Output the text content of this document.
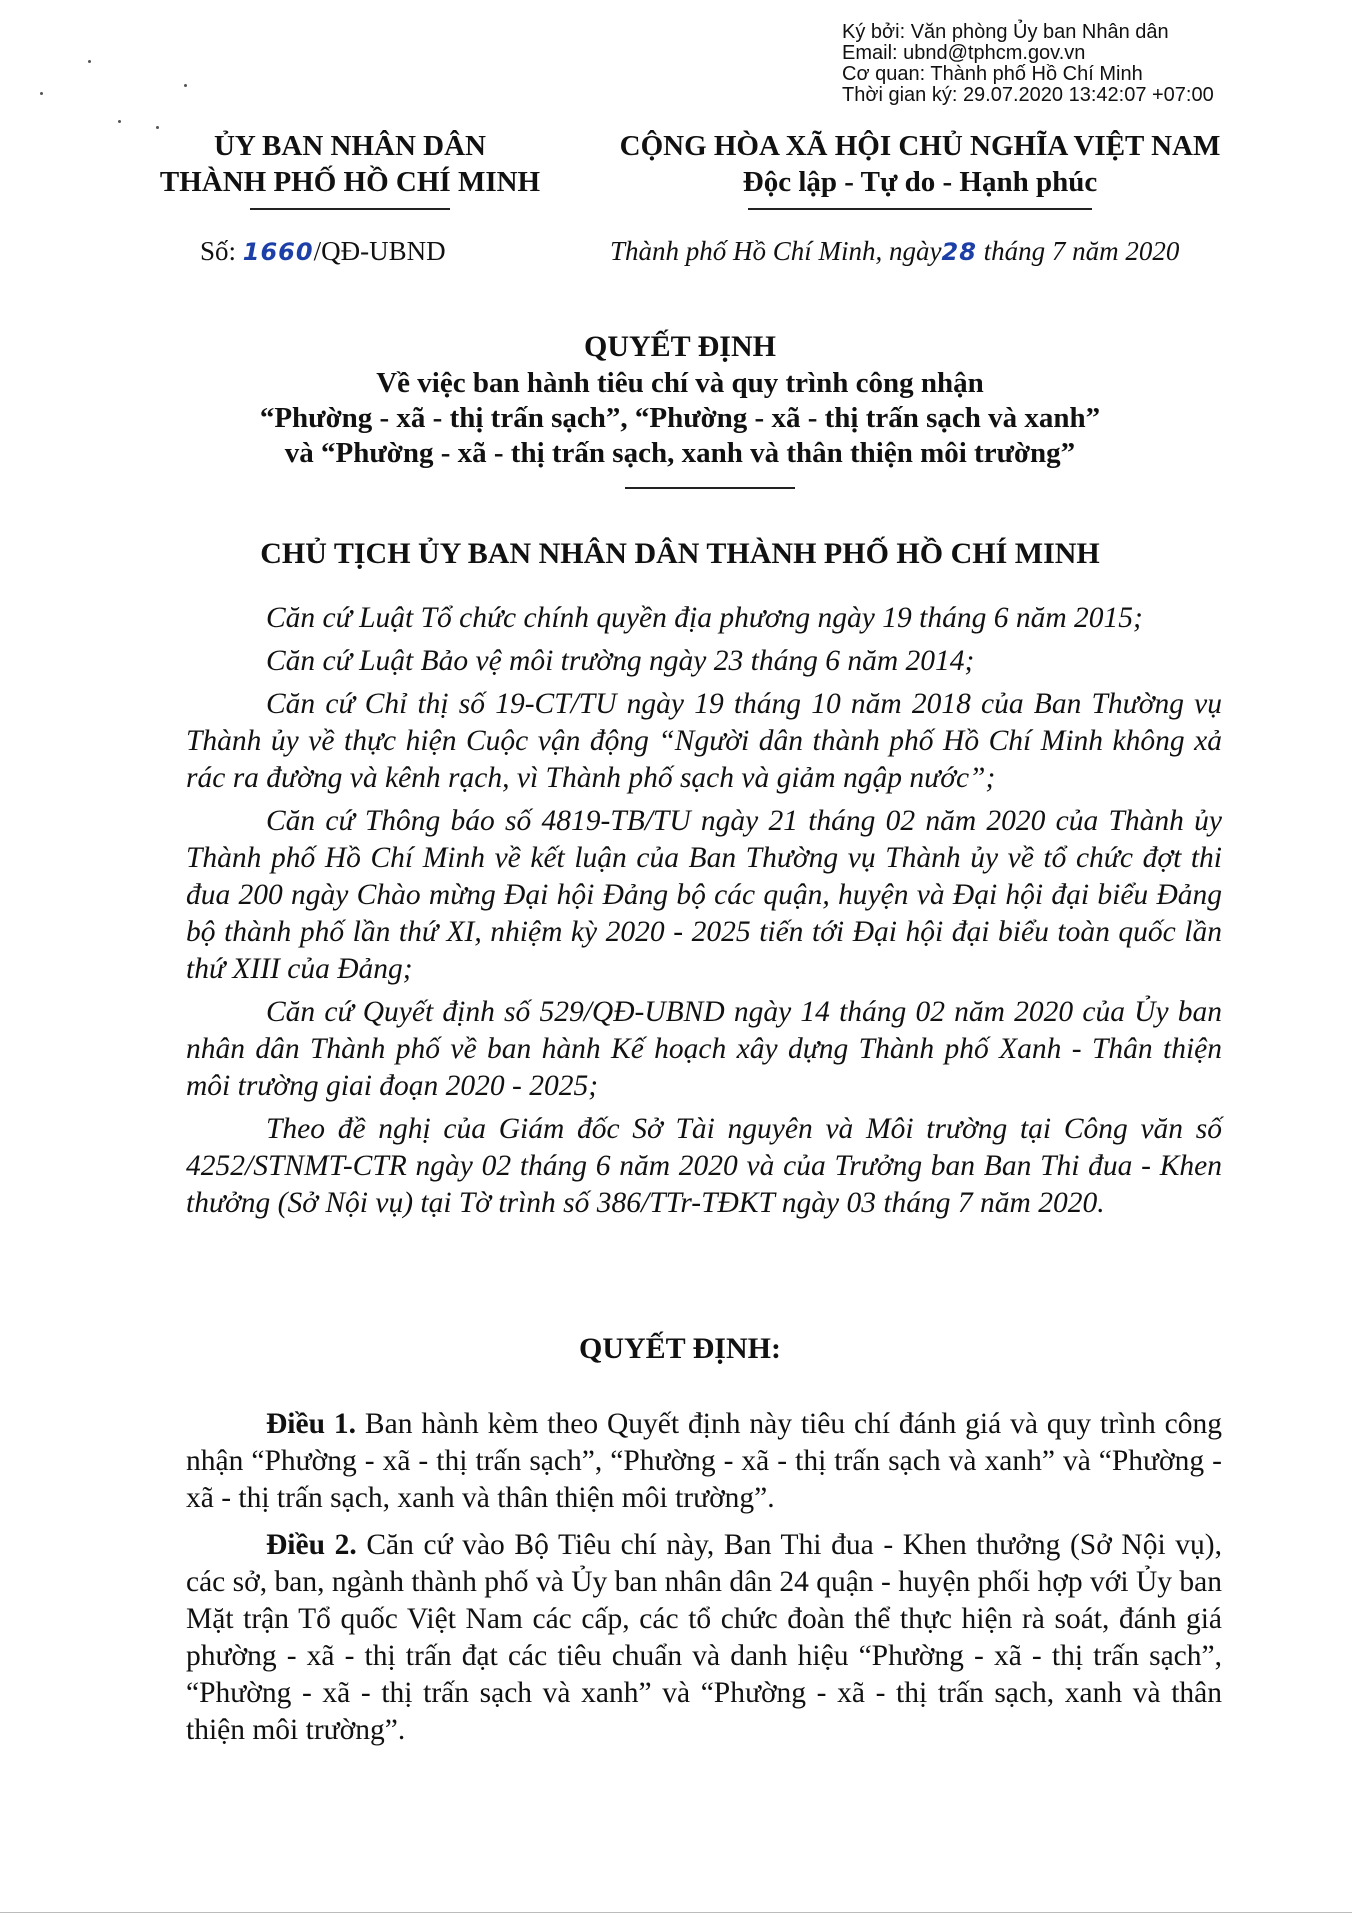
Ký bởi: Văn phòng Ủy ban Nhân dân
Email: ubnd@tphcm.gov.vn
Cơ quan: Thành phố Hồ Chí Minh
Thời gian ký: 29.07.2020 13:42:07 +07:00
ỦY BAN NHÂN DÂN
THÀNH PHỐ HỒ CHÍ MINH
CỘNG HÒA XÃ HỘI CHỦ NGHĨA VIỆT NAM
Độc lập - Tự do - Hạnh phúc
Số: 1660/QĐ-UBND	Thành phố Hồ Chí Minh, ngày28 tháng 7 năm 2020
QUYẾT ĐỊNH
Về việc ban hành tiêu chí và quy trình công nhận
“Phường - xã - thị trấn sạch”, “Phường - xã - thị trấn sạch và xanh”
và “Phường - xã - thị trấn sạch, xanh và thân thiện môi trường”
CHỦ TỊCH ỦY BAN NHÂN DÂN THÀNH PHỐ HỒ CHÍ MINH

Căn cứ Luật Tổ chức chính quyền địa phương ngày 19 tháng 6 năm 2015;

Căn cứ Luật Bảo vệ môi trường ngày 23 tháng 6 năm 2014;

Căn cứ Chỉ thị số 19-CT/TU ngày 19 tháng 10 năm 2018 của Ban Thường vụ Thành ủy về thực hiện Cuộc vận động “Người dân thành phố Hồ Chí Minh không xả rác ra đường và kênh rạch, vì Thành phố sạch và giảm ngập nước”;

Căn cứ Thông báo số 4819-TB/TU ngày 21 tháng 02 năm 2020 của Thành ủy Thành phố Hồ Chí Minh về kết luận của Ban Thường vụ Thành ủy về tổ chức đợt thi đua 200 ngày Chào mừng Đại hội Đảng bộ các quận, huyện và Đại hội đại biểu Đảng bộ thành phố lần thứ XI, nhiệm kỳ 2020 - 2025 tiến tới Đại hội đại biểu toàn quốc lần thứ XIII của Đảng;

Căn cứ Quyết định số 529/QĐ-UBND ngày 14 tháng 02 năm 2020 của Ủy ban nhân dân Thành phố về ban hành Kế hoạch xây dựng Thành phố Xanh - Thân thiện môi trường giai đoạn 2020 - 2025;

Theo đề nghị của Giám đốc Sở Tài nguyên và Môi trường tại Công văn số 4252/STNMT-CTR ngày 02 tháng 6 năm 2020 và của Trưởng ban Ban Thi đua - Khen thưởng (Sở Nội vụ) tại Tờ trình số 386/TTr-TĐKT ngày 03 tháng 7 năm 2020.

QUYẾT ĐỊNH:

Điều 1. Ban hành kèm theo Quyết định này tiêu chí đánh giá và quy trình công nhận “Phường - xã - thị trấn sạch”, “Phường - xã - thị trấn sạch và xanh” và “Phường - xã - thị trấn sạch, xanh và thân thiện môi trường”.

Điều 2. Căn cứ vào Bộ Tiêu chí này, Ban Thi đua - Khen thưởng (Sở Nội vụ), các sở, ban, ngành thành phố và Ủy ban nhân dân 24 quận - huyện phối hợp với Ủy ban Mặt trận Tổ quốc Việt Nam các cấp, các tổ chức đoàn thể thực hiện rà soát, đánh giá phường - xã - thị trấn đạt các tiêu chuẩn và danh hiệu “Phường - xã - thị trấn sạch”, “Phường - xã - thị trấn sạch và xanh” và “Phường - xã - thị trấn sạch, xanh và thân thiện môi trường”.
